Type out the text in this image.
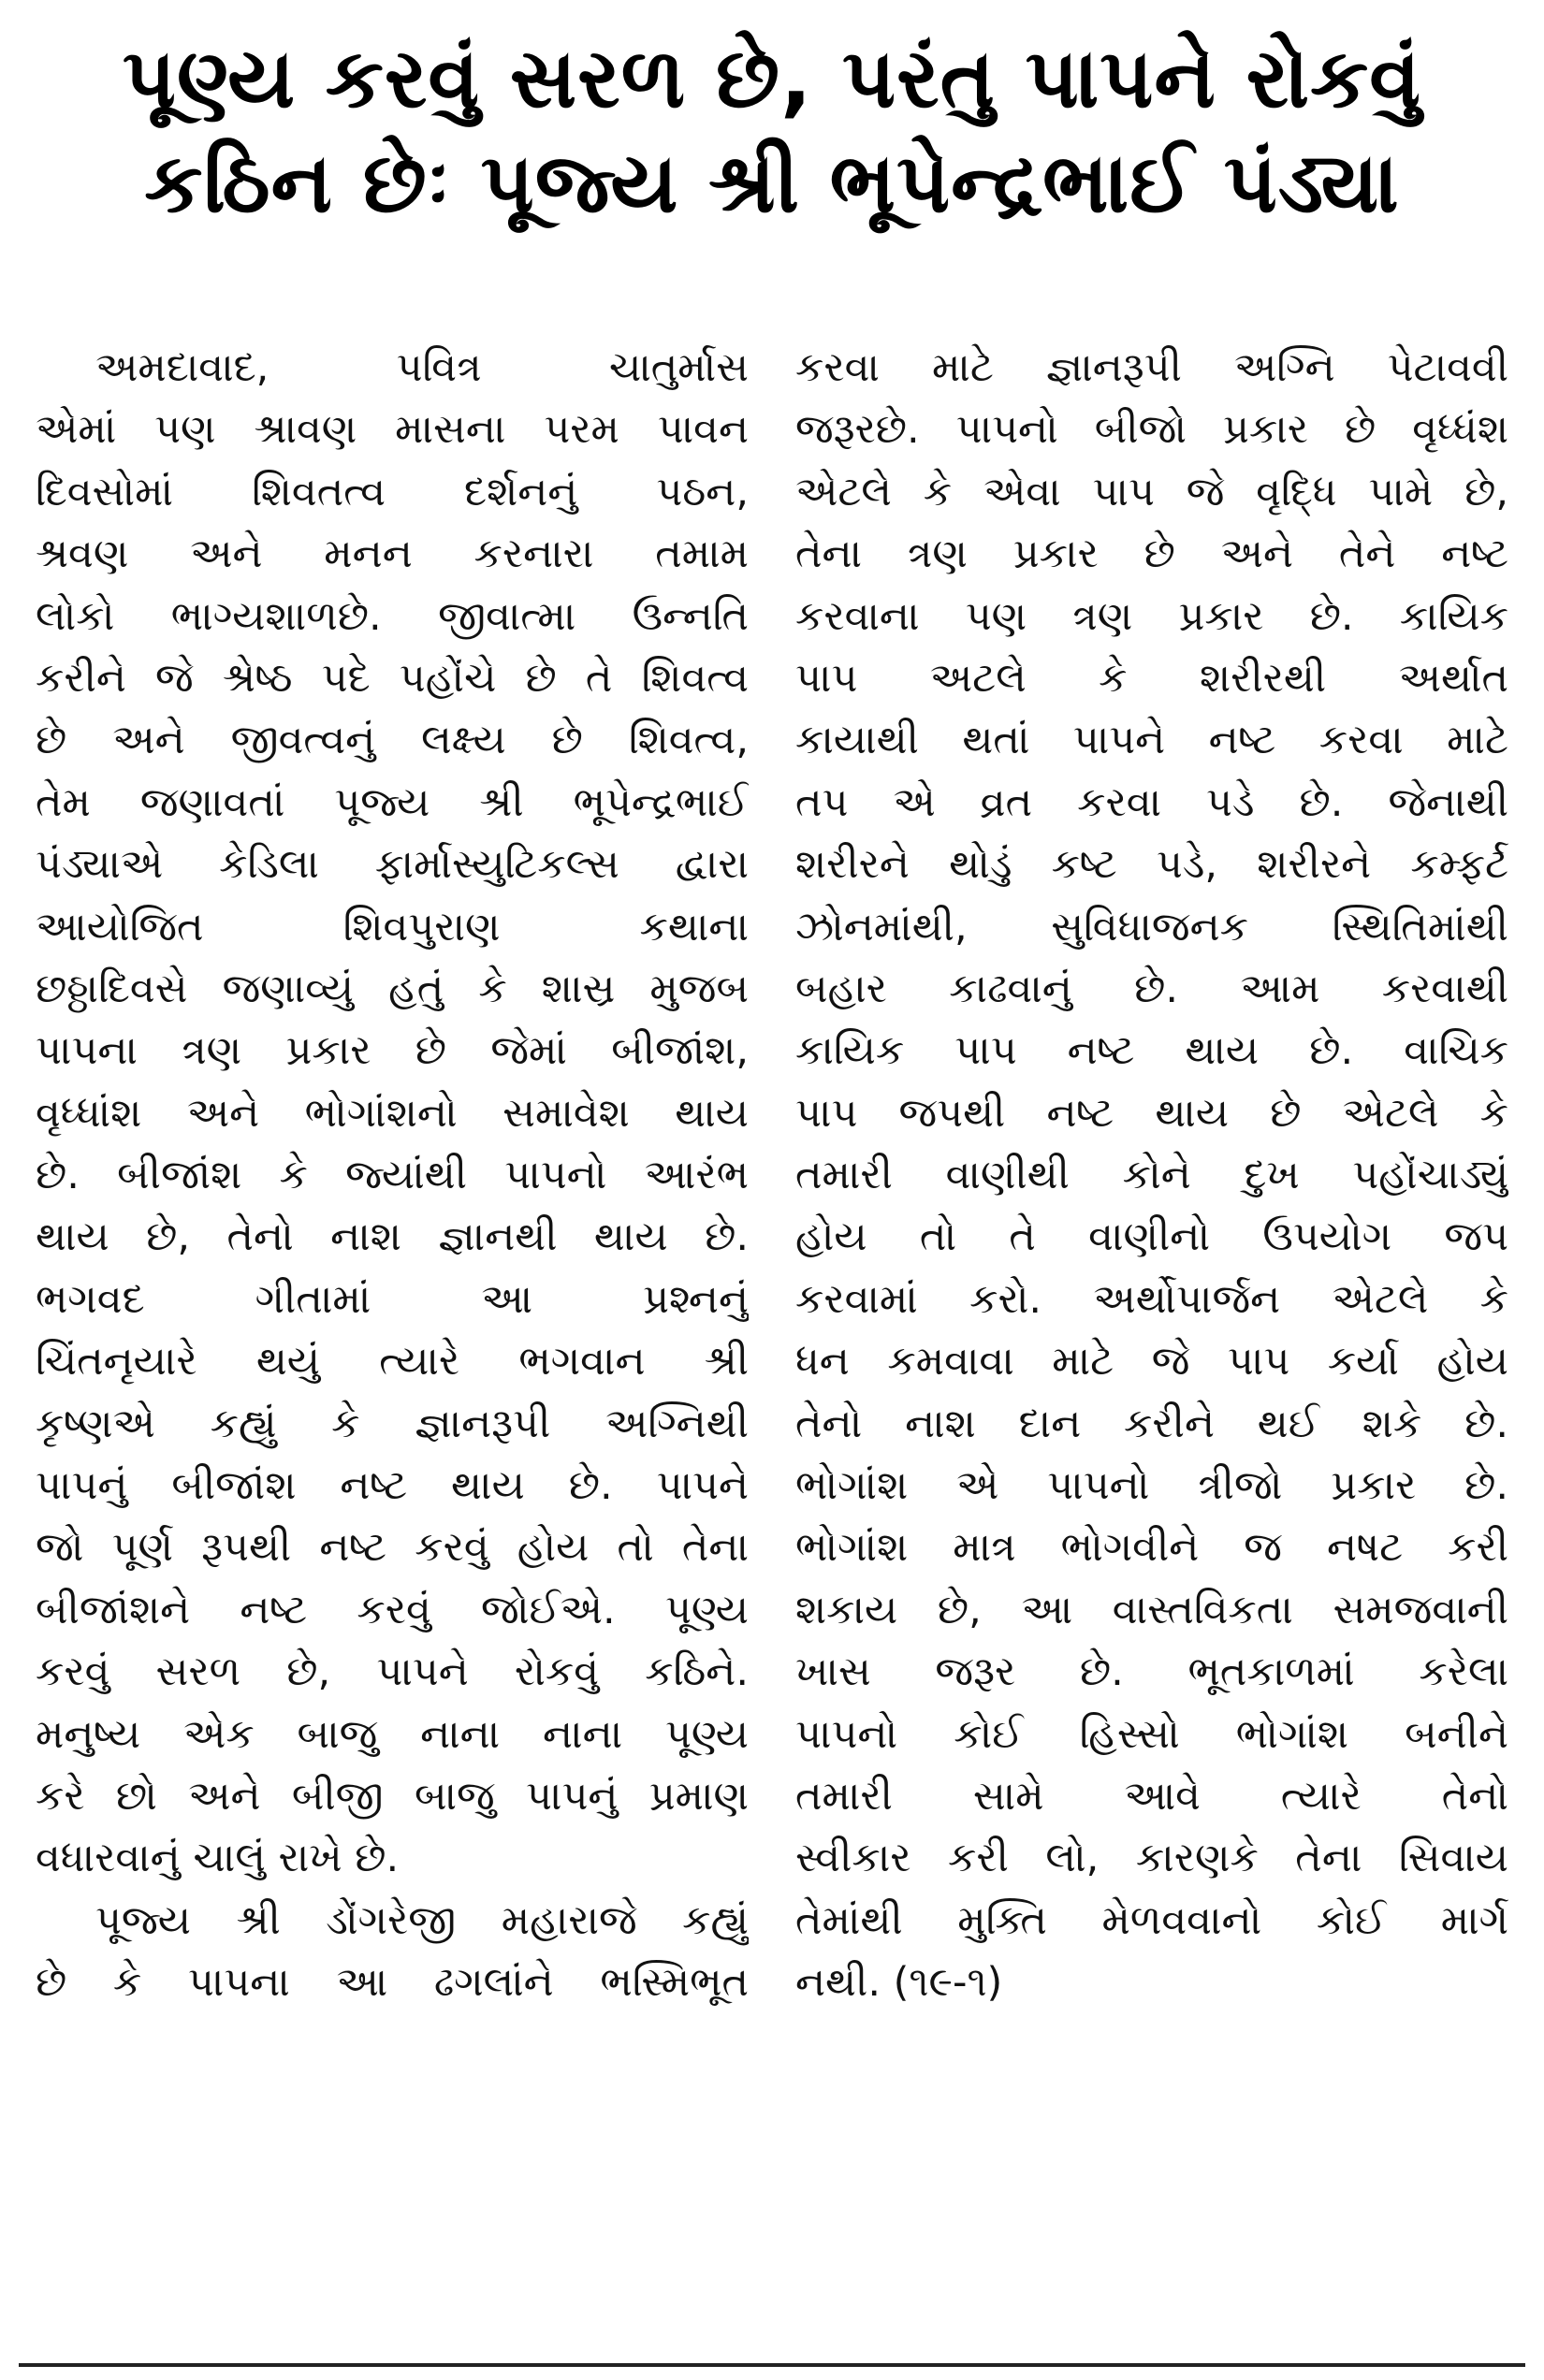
પૂણ્ય કરવું સરળ છે, પરંતુ પાપને રોકવું
કઠિન છેઃ પૂજ્ય શ્રી ભૂપેન્દ્રભાઈ પંડ્યા
અમદાવાદ, પવિત્ર ચાતુર્માસ
એમાં પણ શ્રાવણ માસના પરમ પાવન
દિવસોમાં શિવતત્વ દર્શનનું પઠન,
શ્રવણ અને મનન કરનારા તમામ
લોકો ભાગ્યશાળછે. જીવાત્મા ઉન્નતિ
કરીને જે શ્રેષ્ઠ પદે પહોંચે છે તે શિવત્વ
છે અને જીવત્વનું લક્ષ્ય છે શિવત્વ,
તેમ જણાવતાં પૂજ્ય શ્રી ભૂપેન્દ્રભાઈ
પંડ્યાએ કેડિલા ફાર્માસ્યુટિકલ્સ દ્વારા
આયોજિત શિવપુરાણ કથાના
છઠ્ઠાદિવસે જણાવ્યું હતું કે શાસ્ર મુજબ
પાપના ત્રણ પ્રકાર છે જેમાં બીજાંશ,
વૃધ્ધાંશ અને ભોગાંશનો સમાવેશ થાય
છે. બીજાંશ કે જ્યાંથી પાપનો આરંભ
થાય છે, તેનો નાશ જ્ઞાનથી થાય છે.
ભગવદ ગીતામાં આ પ્રશ્નનું
ચિંતનૃયારે થયું ત્યારે ભગવાન શ્રી
કૃષ્ણએ કહ્યું કે જ્ઞાનરૂપી અગ્નિથી
પાપનું બીજાંશ નષ્ટ થાય છે. પાપને
જો પૂર્ણ રૂપથી નષ્ટ કરવું હોય તો તેના
બીજાંશને નષ્ટ કરવું જોઈએ. પૂણ્ય
કરવું સરળ છે, પાપને રોકવું કઠિને.
મનુષ્ય એક બાજુ નાના નાના પૂણ્ય
કરે છો અને બીજી બાજુ પાપનું પ્રમાણ
વધારવાનું ચાલું રાખે છે.
પૂજ્ય શ્રી ડોંગરેજી મહારાજે કહ્યું
છે કે પાપના આ ઢગલાંને ભસ્મિભૂત
કરવા માટે જ્ઞાનરૂપી અગ્નિ પેટાવવી
જરૂરછે. પાપનો બીજો પ્રકાર છે વૃધ્ધંશ
એટલે કે એવા પાપ જે વૃદ્ધિ પામે છે,
તેના ત્રણ પ્રકાર છે અને તેને નષ્ટ
કરવાના પણ ત્રણ પ્રકાર છે. કાયિક
પાપ અટલે કે શરીરથી અર્થાત
કાયાથી થતાં પાપને નષ્ટ કરવા માટે
તપ એ વ્રત કરવા પડે છે. જેનાથી
શરીરને થોડું કષ્ટ પડે, શરીરને કમ્ફર્ટ
ઝોનમાંથી, સુવિધાજનક સ્થિતિમાંથી
બહાર કાઢવાનું છે. આમ કરવાથી
કાયિક પાપ નષ્ટ થાય છે. વાચિક
પાપ જપથી નષ્ટ થાય છે એટલે કે
તમારી વાણીથી કોને દુખ પહોંચાડ્યું
હોય તો તે વાણીનો ઉપયોગ જપ
કરવામાં કરો. અર્થોપાર્જન એટલે કે
ધન કમવાવા માટે જે પાપ કર્યા હોય
તેનો નાશ દાન કરીને થઈ શકે છે.
ભોગાંશ એ પાપનો ત્રીજો પ્રકાર છે.
ભોગાંશ માત્ર ભોગવીને જ નષટ કરી
શકાય છે, આ વાસ્તવિકતા સમજવાની
ખાસ જરૂર છે. ભૂતકાળમાં કરેલા
પાપનો કોઈ હિસ્સો ભોગાંશ બનીને
તમારી સામે આવે ત્યારે તેનો
સ્વીકાર કરી લો, કારણકે તેના સિવાય
તેમાંથી મુક્તિ મેળવવાનો કોઈ માર્ગ
નથી. (૧૯-૧)
